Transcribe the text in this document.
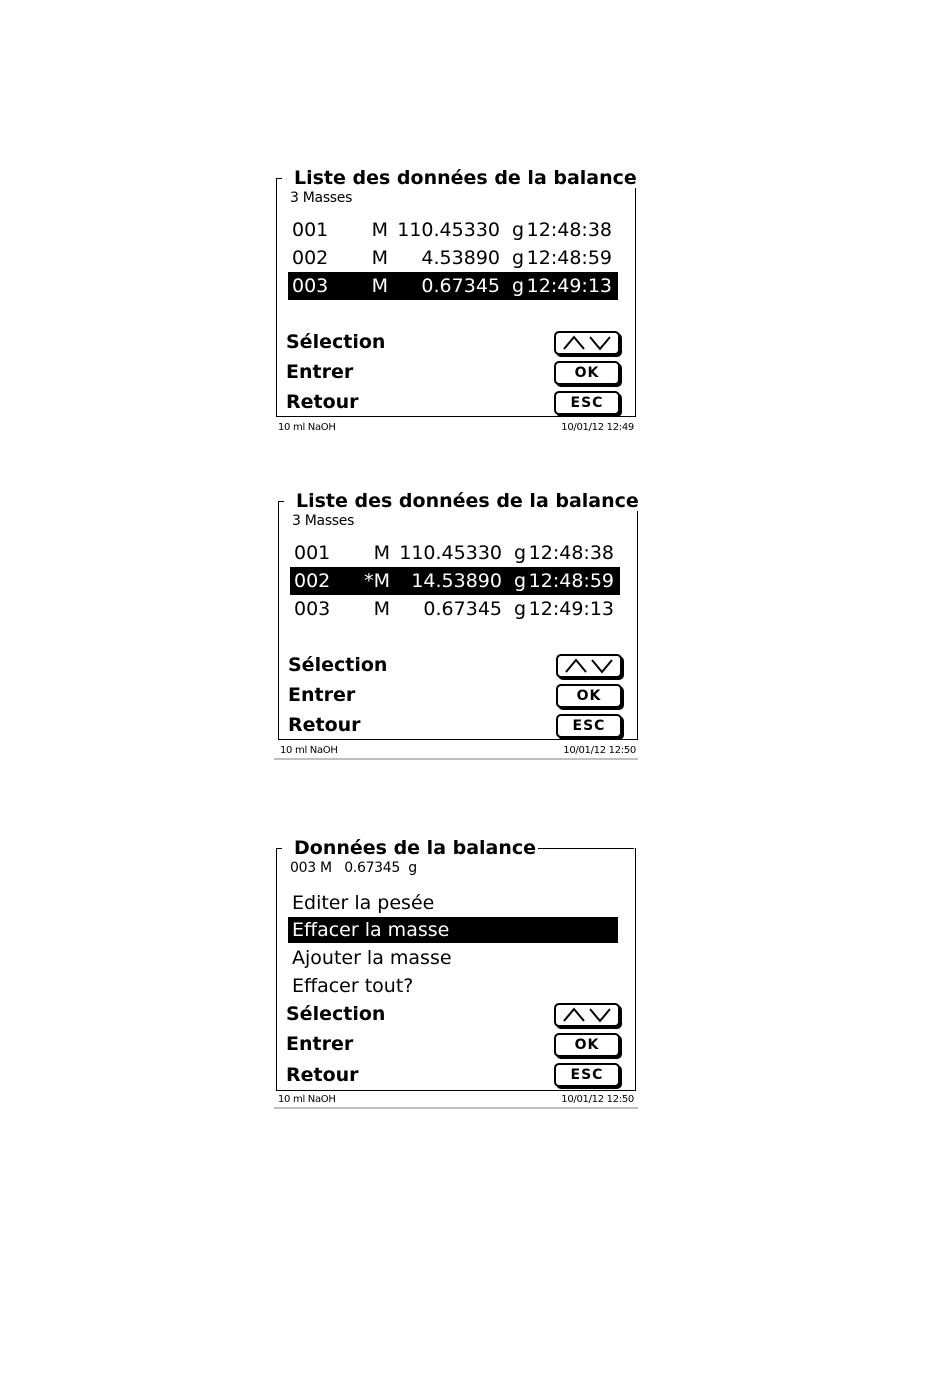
Liste des données de la balance
3 Masses
001 M 110.45330 g 12:48:38
002 M 4.53890 g 12:48:59
003 M 0.67345 g 12:49:13
Sélection
Entrer	OK
Retour	ESC
10 ml NaOH	10/01/12 12:49
Liste des données de la balance
3 Masses
001 M 110.45330 g 12:48:38
002 *M 14.53890 g 12:48:59
003 M 0.67345 g 12:49:13
Sélection
Entrer	OK
Retour	ESC
10 ml NaOH	10/01/12 12:50
Données de la balance
003 M   0.67345  g
Editer la pesée
Effacer la masse
Ajouter la masse
Effacer tout?
Sélection
Entrer	OK
Retour	ESC
10 ml NaOH	10/01/12 12:50
